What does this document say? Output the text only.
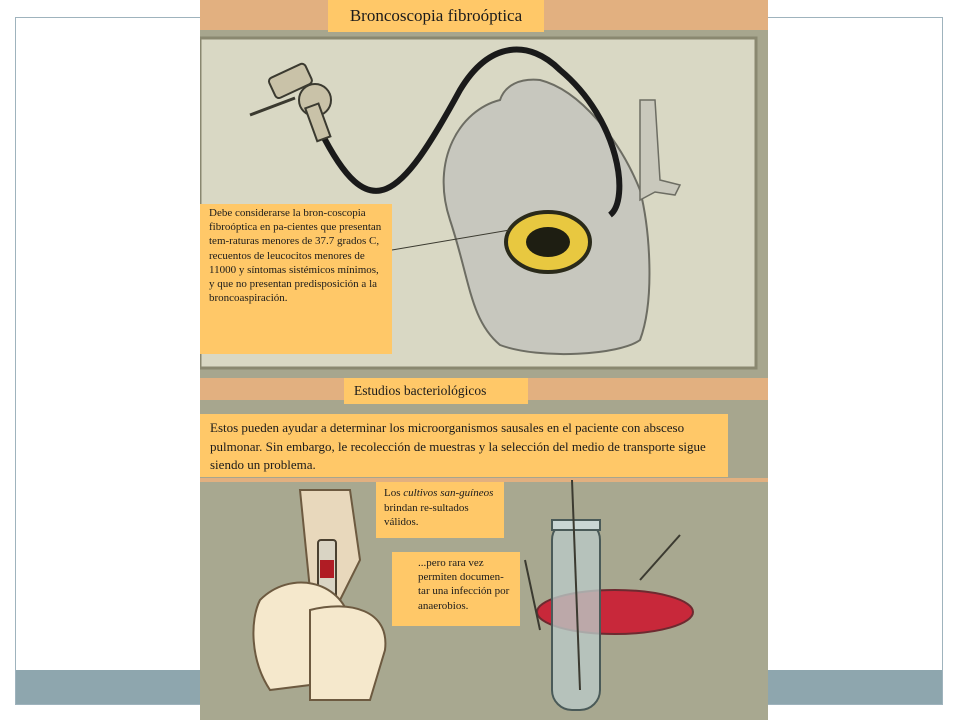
Broncoscopia fibroóptica
Debe considerarse la bron-coscopia fibroóptica en pa-cientes que presentan tem-raturas menores de 37.7 grados C, recuentos de leucocitos menores de 11000 y síntomas sistémicos mínimos, y que no presentan predisposición a la broncoaspiración.
Estudios bacteriológicos
Estos pueden ayudar a determinar los microorganismos sausales en el paciente con absceso pulmonar. Sin embargo, le recolección de muestras y la selección del medio de transporte sigue siendo un problema.
Los cultivos san-guíneos brindan re-sultados válidos.
...pero rara vez permiten documen-tar una infección por anaerobios.
